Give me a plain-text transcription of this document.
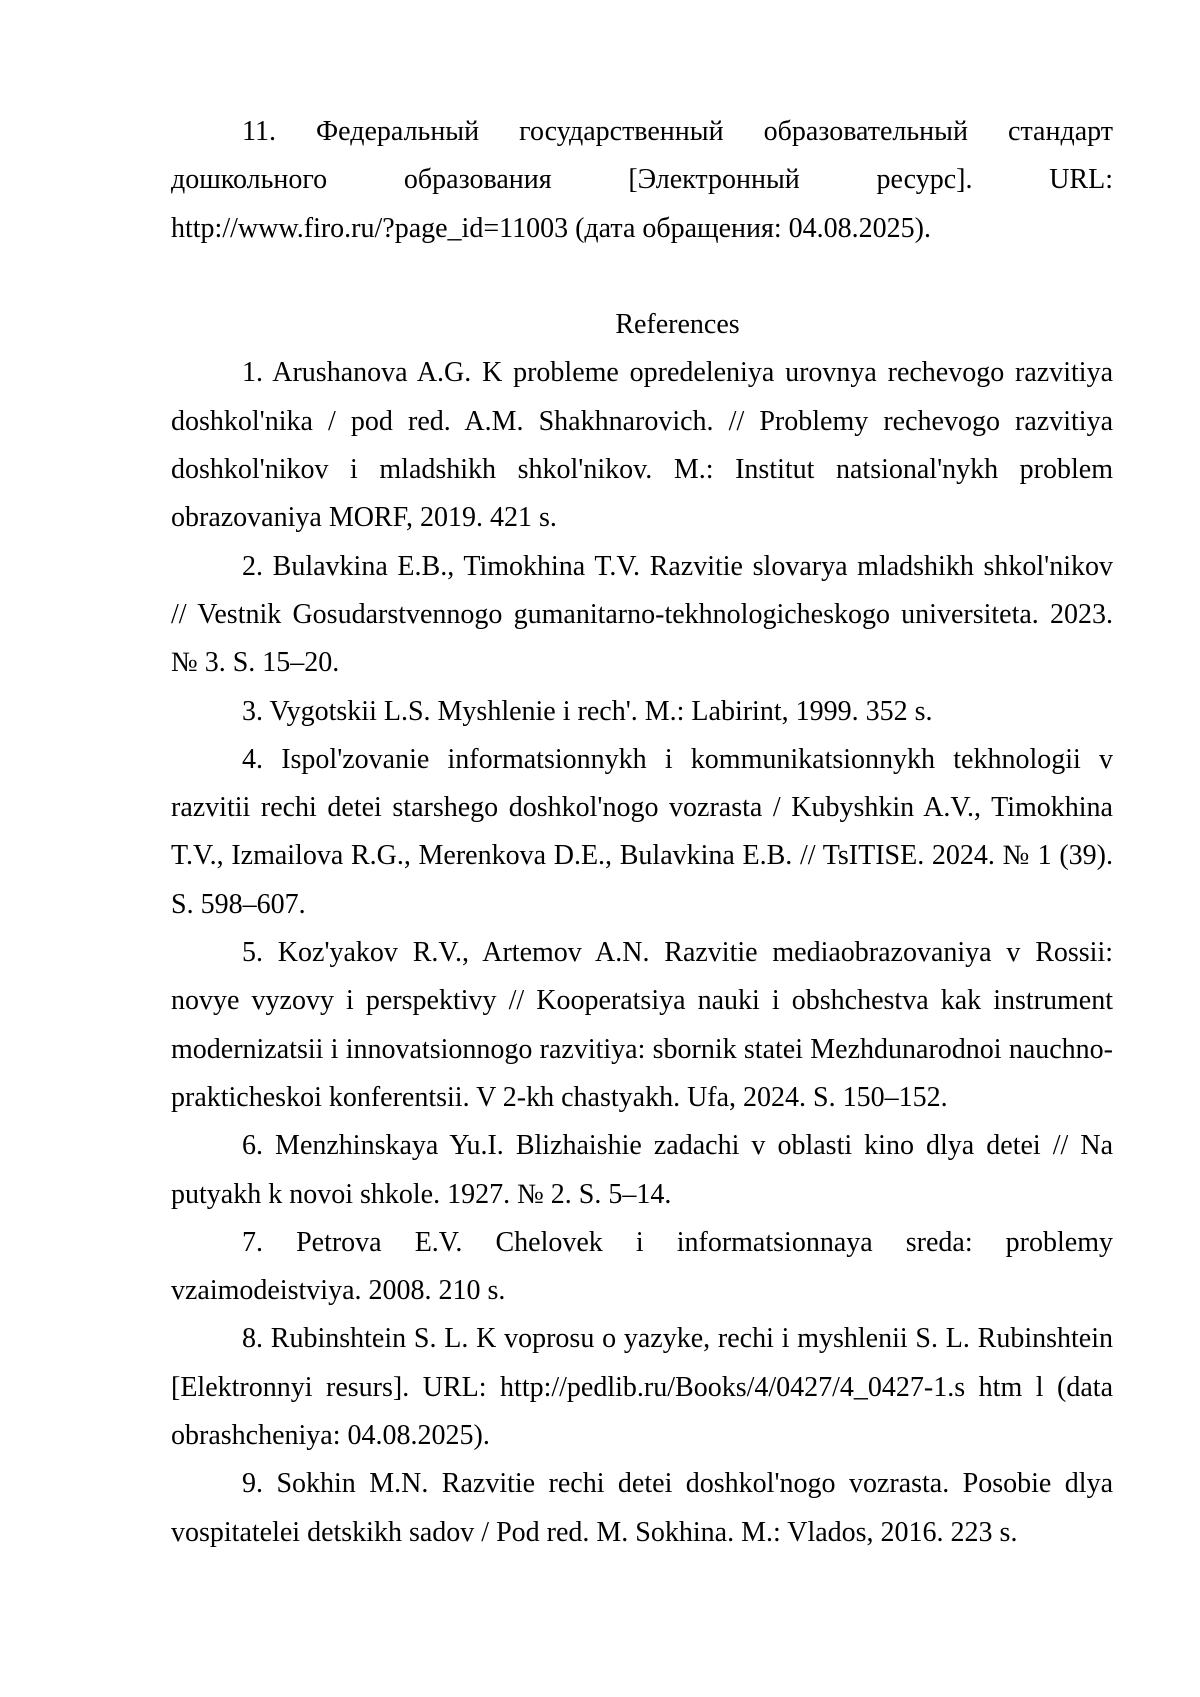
11. Федеральный государственный образовательный стандарт дошкольного образования [Электронный ресурс]. URL: http://www.firo.ru/?page_id=11003 (дата обращения: 04.08.2025).

References

1. Arushanova A.G. K probleme opredeleniya urovnya rechevogo razvitiya doshkol'nika / pod red. A.M. Shakhnarovich. // Problemy rechevogo razvitiya doshkol'nikov i mladshikh shkol'nikov. M.: Institut natsional'nykh problem obrazovaniya MORF, 2019. 421 s.

2. Bulavkina E.B., Timokhina T.V. Razvitie slovarya mladshikh shkol'nikov // Vestnik Gosudarstvennogo gumanitarno-tekhnologicheskogo universiteta. 2023. № 3. S. 15–20.

3. Vygotskii L.S. Myshlenie i rech'. M.: Labirint, 1999. 352 s.

4. Ispol'zovanie informatsionnykh i kommunikatsionnykh tekhnologii v razvitii rechi detei starshego doshkol'nogo vozrasta / Kubyshkin A.V., Timokhina T.V., Izmailova R.G., Merenkova D.E., Bulavkina E.B. // TsITISE. 2024. № 1 (39). S. 598–607.

5. Koz'yakov R.V., Artemov A.N. Razvitie mediaobrazovaniya v Rossii: novye vyzovy i perspektivy // Kooperatsiya nauki i obshchestva kak instrument modernizatsii i innovatsionnogo razvitiya: sbornik statei Mezhdunarodnoi nauchno-prakticheskoi konferentsii. V 2-kh chastyakh. Ufa, 2024. S. 150–152.

6. Menzhinskaya Yu.I. Blizhaishie zadachi v oblasti kino dlya detei // Na putyakh k novoi shkole. 1927. № 2. S. 5–14.

7. Petrova E.V. Chelovek i informatsionnaya sreda: problemy vzaimodeistviya. 2008. 210 s.

8. Rubinshtein S. L. K voprosu o yazyke, rechi i myshlenii S. L. Rubinshtein [Elektronnyi resurs]. URL: http://pedlib.ru/Books/4/0427/4_0427-1.s htm l (data obrashcheniya: 04.08.2025).

9. Sokhin M.N. Razvitie rechi detei doshkol'nogo vozrasta. Posobie dlya vospitatelei detskikh sadov / Pod red. M. Sokhina. M.: Vlados, 2016. 223 s.
